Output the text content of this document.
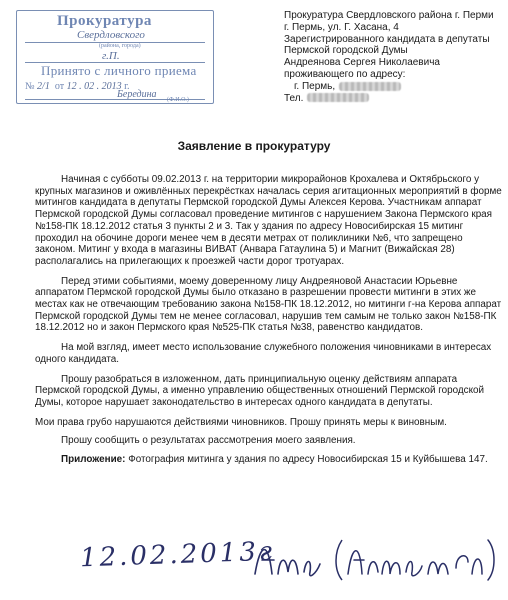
Прокуратура
Свердловского
г.П.
(района, города)
Принято с личного приема
№ 2/1 от 12 . 02 . 2013 г.
Бередина (Ф.И.О.)
Прокуратура Свердловского района г. Перми
г. Пермь, ул. Г. Хасана, 4
Зарегистрированного кандидата в депутаты
Пермской городской Думы
Андреянова Сергея Николаевича
проживающего по адресу:
г. Пермь,
Тел.
Заявление в прокуратуру

Начиная с субботы 09.02.2013 г. на территории микрорайонов Крохалева и Октябрьского у крупных магазинов и оживлённых перекрёстках началась серия агитационных мероприятий в форме митингов кандидата в депутаты Пермской городской Думы Алексея Керова. Участникам аппарат Пермской городской Думы согласовал проведение митингов с нарушением Закона Пермского края №158-ПК 18.12.2012 статья 3 пункты 2 и 3. Так у здания по адресу Новосибирская 15 митинг проходил на обочине дороги менее чем в десяти метрах от поликлиники №6, что запрещено законом. Митинг у входа в магазины ВИВАТ (Анвара Гатаулина 5) и Магнит (Вижайская 28) располагались на прилегающих к проезжей части дорог тротуарах.

Перед этими событиями, моему доверенному лицу Андреяновой Анастасии Юрьевне аппаратом Пермской городской Думы было отказано в разрешении провести митинги в этих же местах как не отвечающим требованию закона №158-ПК 18.12.2012, но митинги г-на Керова аппарат Пермской городской Думы тем не менее согласовал, нарушив тем самым не только закон №158-ПК 18.12.2012 но и закон Пермского края №525-ПК статья №38, равенство кандидатов.

На мой взгляд, имеет место использование служебного положения чиновниками в интересах одного кандидата.

Прошу разобраться в изложенном, дать принципиальную оценку действиям аппарата Пермской городской Думы, а именно управлению общественных отношений Пермской городской Думы, которое нарушает законодательство в интересах одного кандидата в депутаты.

Мои права грубо нарушаются действиями чиновников. Прошу принять меры к виновным.

Прошу сообщить о результатах рассмотрения моего заявления.

Приложение: Фотография митинга у здания по адресу Новосибирская 15 и Куйбышева 147.

12.02.2013г
